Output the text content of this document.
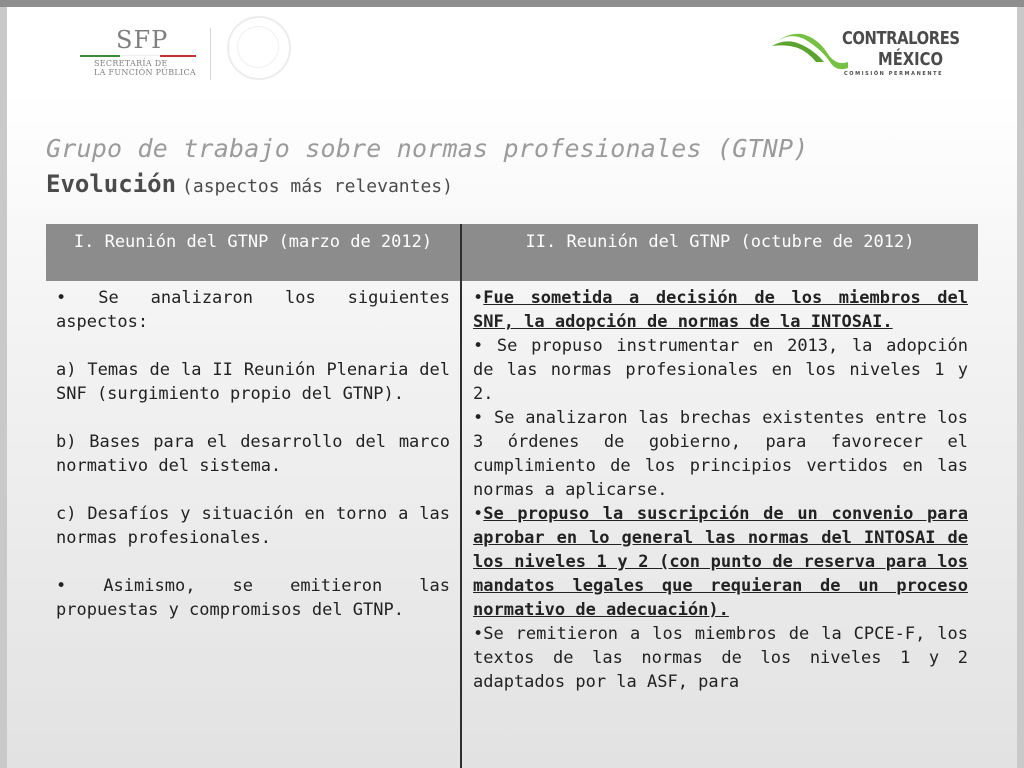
SFP
SECRETARÍA DE
LA FUNCIÓN PÚBLICA
CONTRALORES
MÉXICO
COMISIÓN PERMANENTE
Grupo de trabajo sobre normas profesionales (GTNP)
Evolución (aspectos más relevantes)
I. Reunión del GTNP (marzo de 2012)	II. Reunión del GTNP (octubre de 2012)

• Se analizaron los siguientes aspectos:

a) Temas de la II Reunión Plenaria del SNF (surgimiento propio del GTNP).

b) Bases para el desarrollo del marco normativo del sistema.

c) Desafíos y situación en torno a las normas profesionales.

• Asimismo, se emitieron las propuestas y compromisos del GTNP.

•Fue sometida a decisión de los miembros del SNF, la adopción de normas de la INTOSAI.

• Se propuso instrumentar en 2013, la adopción de las normas profesionales en los niveles 1 y 2.

• Se analizaron las brechas existentes entre los 3 órdenes de gobierno, para favorecer el cumplimiento de los principios vertidos en las normas a aplicarse.

•Se propuso la suscripción de un convenio para aprobar en lo general las normas del INTOSAI de los niveles 1 y 2 (con punto de reserva para los mandatos legales que requieran de un proceso normativo de adecuación).

•Se remitieron a los miembros de la CPCE-F, los textos de las normas de los niveles 1 y 2 adaptados por la ASF, para
